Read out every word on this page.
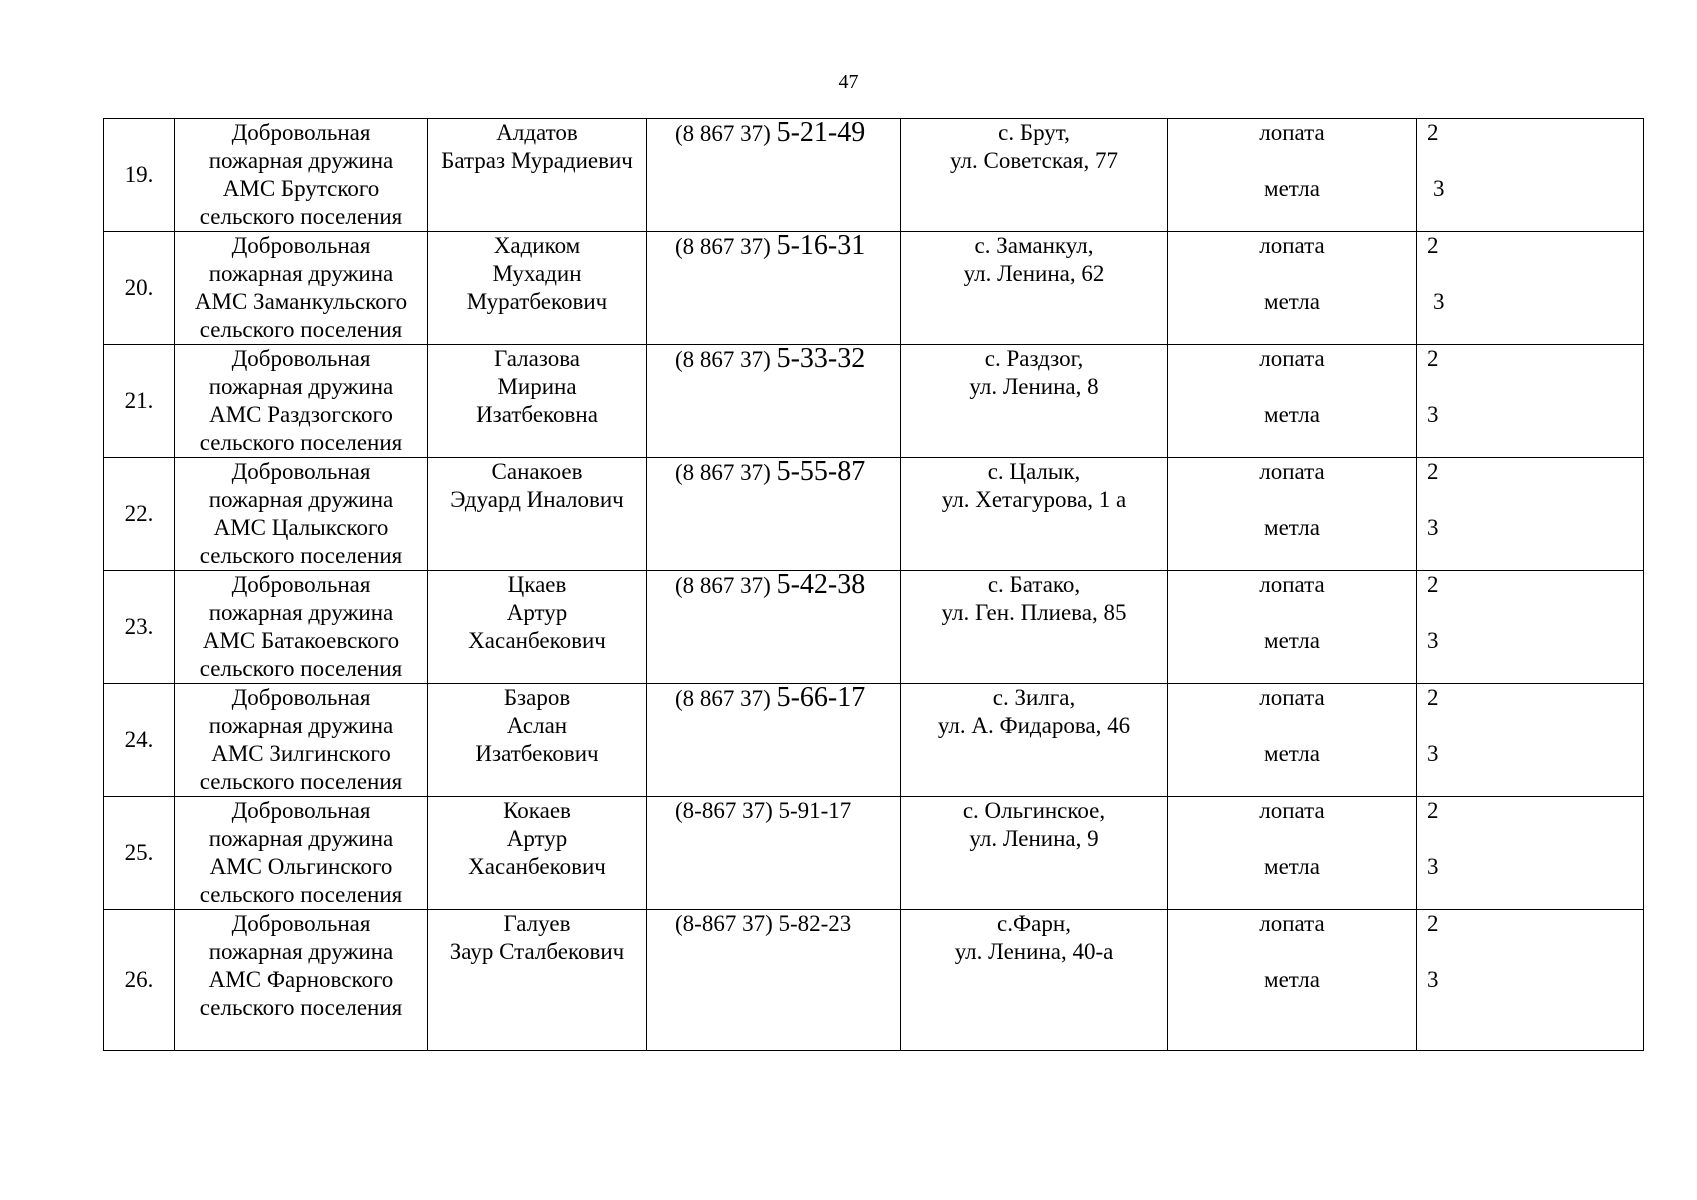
47
19.	Добровольная
пожарная дружина
АМС Брутского
сельского поселения	Алдатов
Батраз Мурадиевич	(8 867 37) 5-21-49	с. Брут,
ул. Советская, 77	лопата
метла	2
3

20.	Добровольная
пожарная дружина
АМС Заманкульского
сельского поселения	Хадиком
Мухадин
Муратбекович	(8 867 37) 5-16-31	с. Заманкул,
ул. Ленина, 62	лопата
метла	2
3

21.	Добровольная
пожарная дружина
АМС Раздзогского
сельского поселения	Галазова
Мирина
Изатбековна	(8 867 37) 5-33-32	с. Раздзог,
ул. Ленина, 8	лопата
метла	2
3

22.	Добровольная
пожарная дружина
АМС Цалыкского
сельского поселения	Санакоев
Эдуард Иналович	(8 867 37) 5-55-87	с. Цалык,
ул. Хетагурова, 1 а	лопата
метла	2
3

23.	Добровольная
пожарная дружина
АМС Батакоевского
сельского поселения	Цкаев
Артур
Хасанбекович	(8 867 37) 5-42-38	с. Батако,
ул. Ген. Плиева, 85	лопата
метла	2
3

24.	Добровольная
пожарная дружина
АМС Зилгинского
сельского поселения	Бзаров
Аслан
Изатбекович	(8 867 37) 5-66-17	с. Зилга,
ул. А. Фидарова, 46	лопата
метла	2
3

25.	Добровольная
пожарная дружина
АМС Ольгинского
сельского поселения	Кокаев
Артур
Хасанбекович	(8-867 37) 5-91-17	с. Ольгинское,
ул. Ленина, 9	лопата
метла	2
3

26.	Добровольная
пожарная дружина
АМС Фарновского
сельского поселения	Галуев
Заур Сталбекович	(8-867 37) 5-82-23	с.Фарн,
ул. Ленина, 40-а	лопата
метла	2
3
